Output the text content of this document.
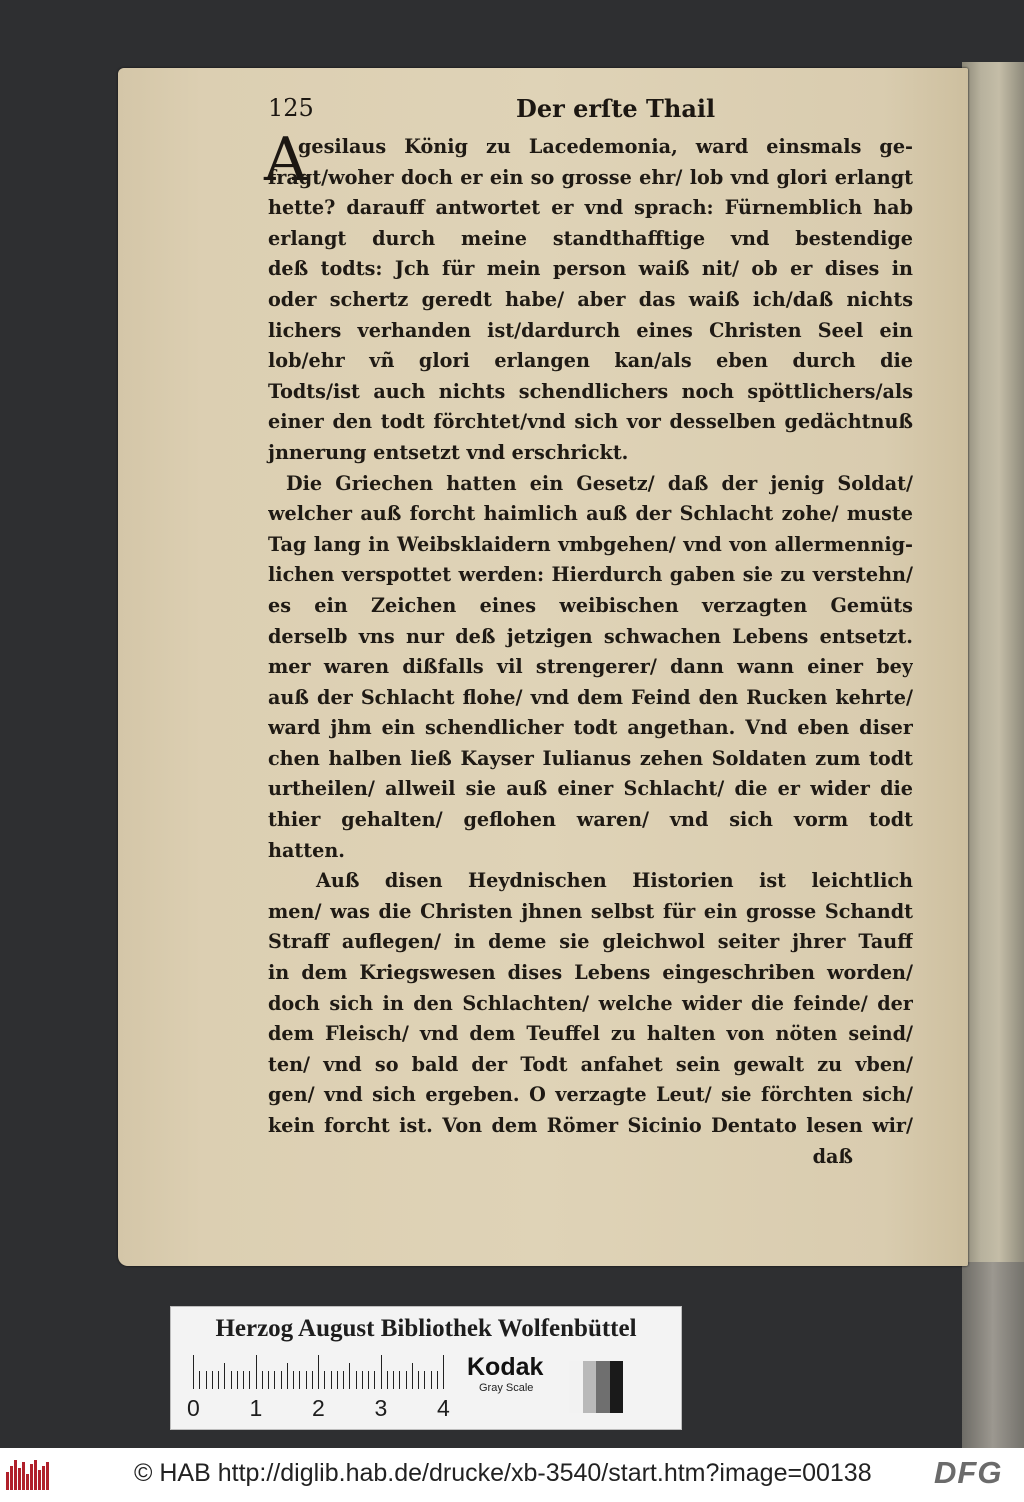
125	Der erſte Thail
A
gesilaus König zu Lacedemonia, ward einsmals ge-
fragt/woher doch er ein so grosse ehr/ lob vnd glori erlangt
hette? darauff antwortet er vnd sprach: Fürnemblich hab
erlangt durch meine standthafftige vnd bestendige
deß todts: Jch für mein person waiß nit/ ob er dises in
oder schertz geredt habe/ aber das waiß ich/daß nichts
lichers verhanden ist/dardurch eines Christen Seel ein
lob/ehr vñ glori erlangen kan/als eben durch die
Todts/ist auch nichts schendlichers noch spöttlichers/als
einer den todt förchtet/vnd sich vor desselben gedächtnuß
jnnerung entsetzt vnd erschrickt.
Die Griechen hatten ein Gesetz/ daß der jenig Soldat/
welcher auß forcht haimlich auß der Schlacht zohe/ muste
Tag lang in Weibsklaidern vmbgehen/ vnd von allermennig-
lichen verspottet werden: Hierdurch gaben sie zu verstehn/
es ein Zeichen eines weibischen verzagten Gemüts
derselb vns nur deß jetzigen schwachen Lebens entsetzt.
mer waren dißfalls vil strengerer/ dann wann einer bey
auß der Schlacht flohe/ vnd dem Feind den Rucken kehrte/
ward jhm ein schendlicher todt angethan. Vnd eben diser
chen halben ließ Kayser Iulianus zehen Soldaten zum todt
urtheilen/ allweil sie auß einer Schlacht/ die er wider die
thier gehalten/ geflohen waren/ vnd sich vorm todt
hatten.
Auß disen Heydnischen Historien ist leichtlich
men/ was die Christen jhnen selbst für ein grosse Schandt
Straff auflegen/ in deme sie gleichwol seiter jhrer Tauff
in dem Kriegswesen dises Lebens eingeschriben worden/
doch sich in den Schlachten/ welche wider die feinde/ der
dem Fleisch/ vnd dem Teuffel zu halten von nöten seind/
ten/ vnd so bald der Todt anfahet sein gewalt zu vben/
gen/ vnd sich ergeben. O verzagte Leut/ sie förchten sich/
kein forcht ist. Von dem Römer Sicinio Dentato lesen wir/
daß
Herzog August Bibliothek Wolfenbüttel
0 1 2 3 4
Kodak
Gray Scale
© HAB http://diglib.hab.de/drucke/xb-3540/start.htm?image=00138 DFG
